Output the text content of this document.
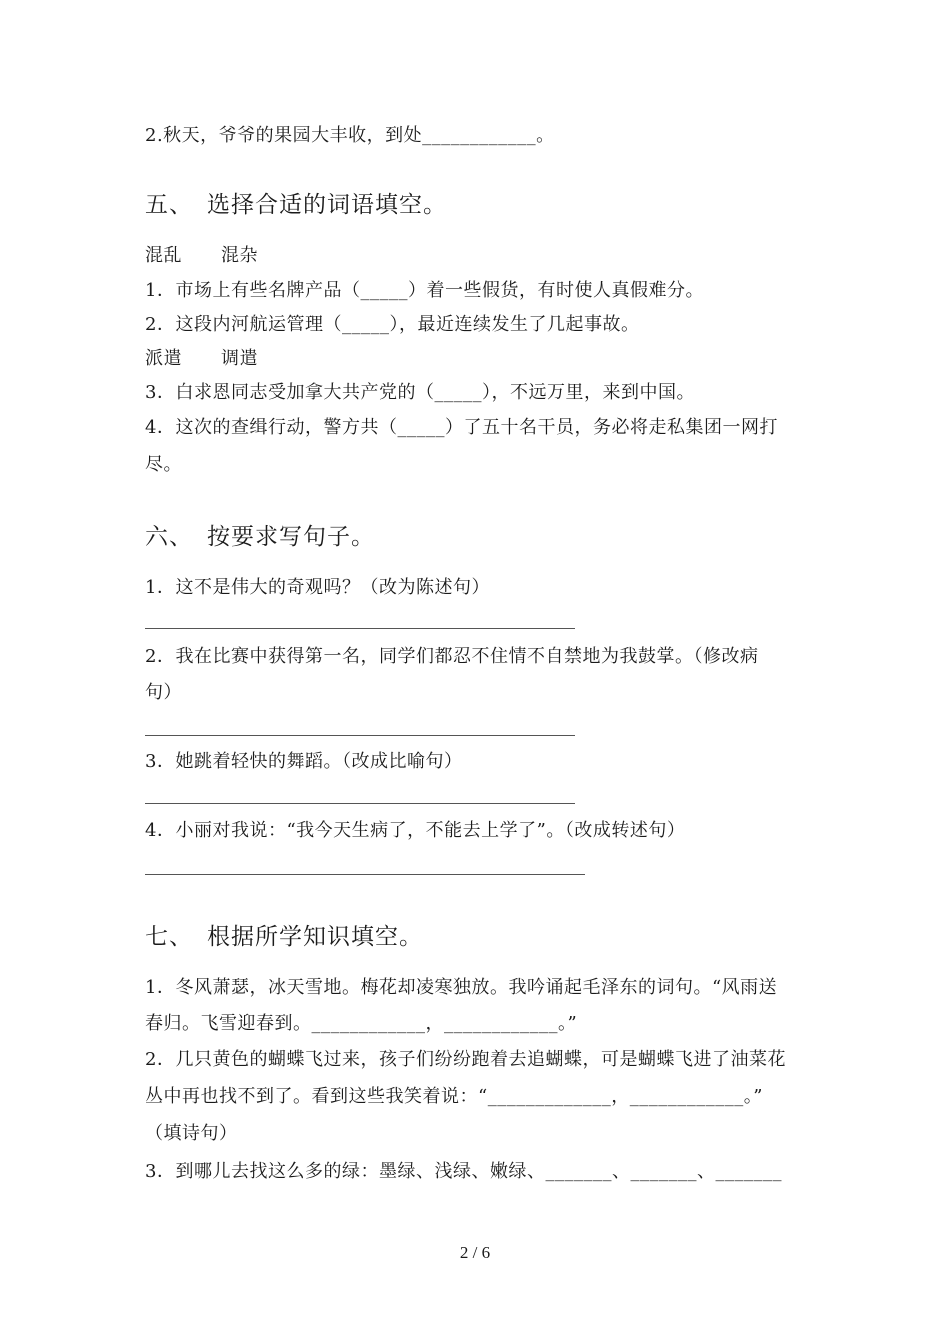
2.秋天，爷爷的果园大丰收，到处____________。
五、 选择合适的词语填空。
混乱 混杂
1．市场上有些名牌产品（_____）着一些假货，有时使人真假难分。
2．这段内河航运管理（_____），最近连续发生了几起事故。
派遣 调遣
3．白求恩同志受加拿大共产党的（_____），不远万里，来到中国。
4．这次的查缉行动，警方共（_____）了五十名干员，务必将走私集团一网打
尽。
六、 按要求写句子。
1．这不是伟大的奇观吗？（改为陈述句）
2．我在比赛中获得第一名，同学们都忍不住情不自禁地为我鼓掌。（修改病
句）
3．她跳着轻快的舞蹈。（改成比喻句）
4．小丽对我说：“我今天生病了，不能去上学了”。（改成转述句）
七、 根据所学知识填空。
1．冬风萧瑟，冰天雪地。梅花却凌寒独放。我吟诵起毛泽东的词句。“风雨送
春归。飞雪迎春到。____________，____________。”
2．几只黄色的蝴蝶飞过来，孩子们纷纷跑着去追蝴蝶，可是蝴蝶飞进了油菜花
丛中再也找不到了。看到这些我笑着说：“_____________，____________。”
（填诗句）
3．到哪儿去找这么多的绿：墨绿、浅绿、嫩绿、_______、_______、_______
2 / 6
